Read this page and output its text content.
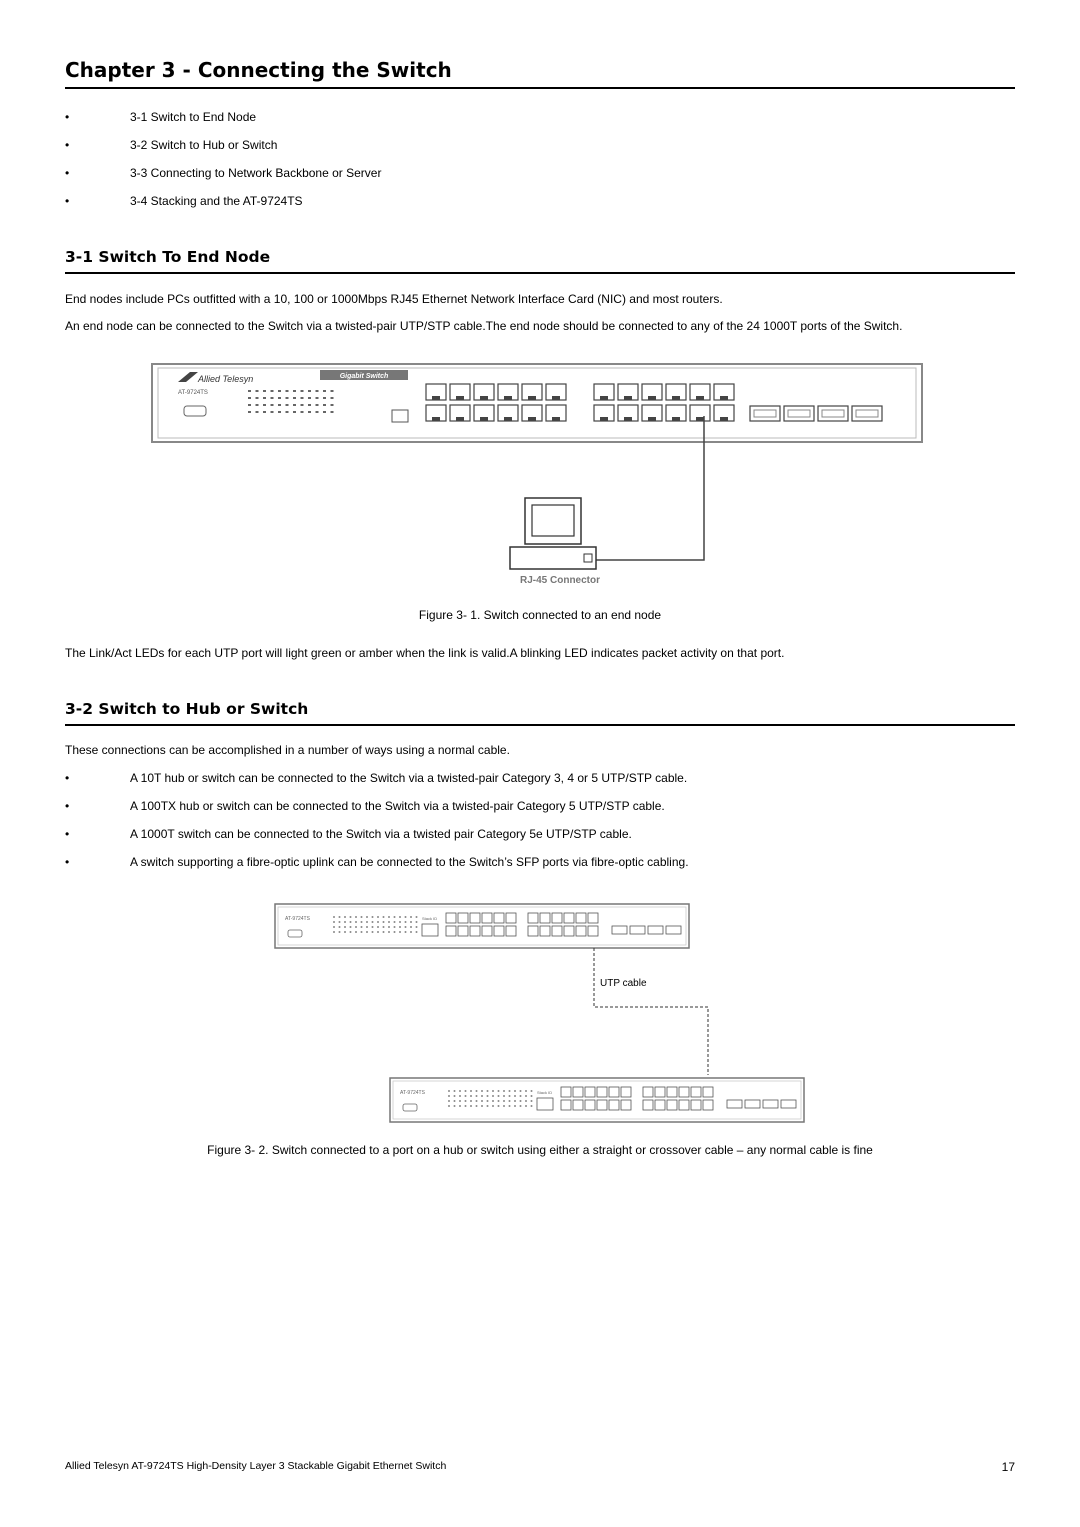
Chapter 3 - Connecting the Switch
•	3-1 Switch to End Node
•	3-2 Switch to Hub or Switch
•	3-3 Connecting to Network Backbone or Server
•	3-4 Stacking and the AT-9724TS
3-1 Switch To End Node
End nodes include PCs outfitted with a 10, 100 or 1000Mbps RJ45 Ethernet Network Interface Card (NIC) and most routers.
An end node can be connected to the Switch via a twisted-pair UTP/STP cable.The end node should be connected to any of the 24 1000T ports of the Switch.
Figure 3- 1. Switch connected to an end node
The Link/Act LEDs for each UTP port will light green or amber when the link is valid.A blinking LED indicates packet activity on that port.
3-2 Switch to Hub or Switch
These connections can be accomplished in a number of ways using a normal cable.
•	A 10T hub or switch can be connected to the Switch via a twisted-pair Category 3, 4 or 5 UTP/STP cable.
•	A 100TX hub or switch can be connected to the Switch via a twisted-pair Category 5 UTP/STP cable.
•	A 1000T switch can be connected to the Switch via a twisted pair Category 5e UTP/STP cable.
•	A switch supporting a fibre-optic uplink can be connected to the Switch’s SFP ports via fibre-optic cabling.
Figure 3- 2. Switch connected to a port on a hub or switch using either a straight or crossover cable – any normal cable is fine
Allied Telesyn AT-9724TS High-Density Layer 3 Stackable Gigabit Ethernet Switch	17
Allied Telesyn
AT-9724TS
Gigabit Switch
RJ-45 Connector
AT-9724TS	Stack ID
AT-9724TS	Stack ID
UTP cable
